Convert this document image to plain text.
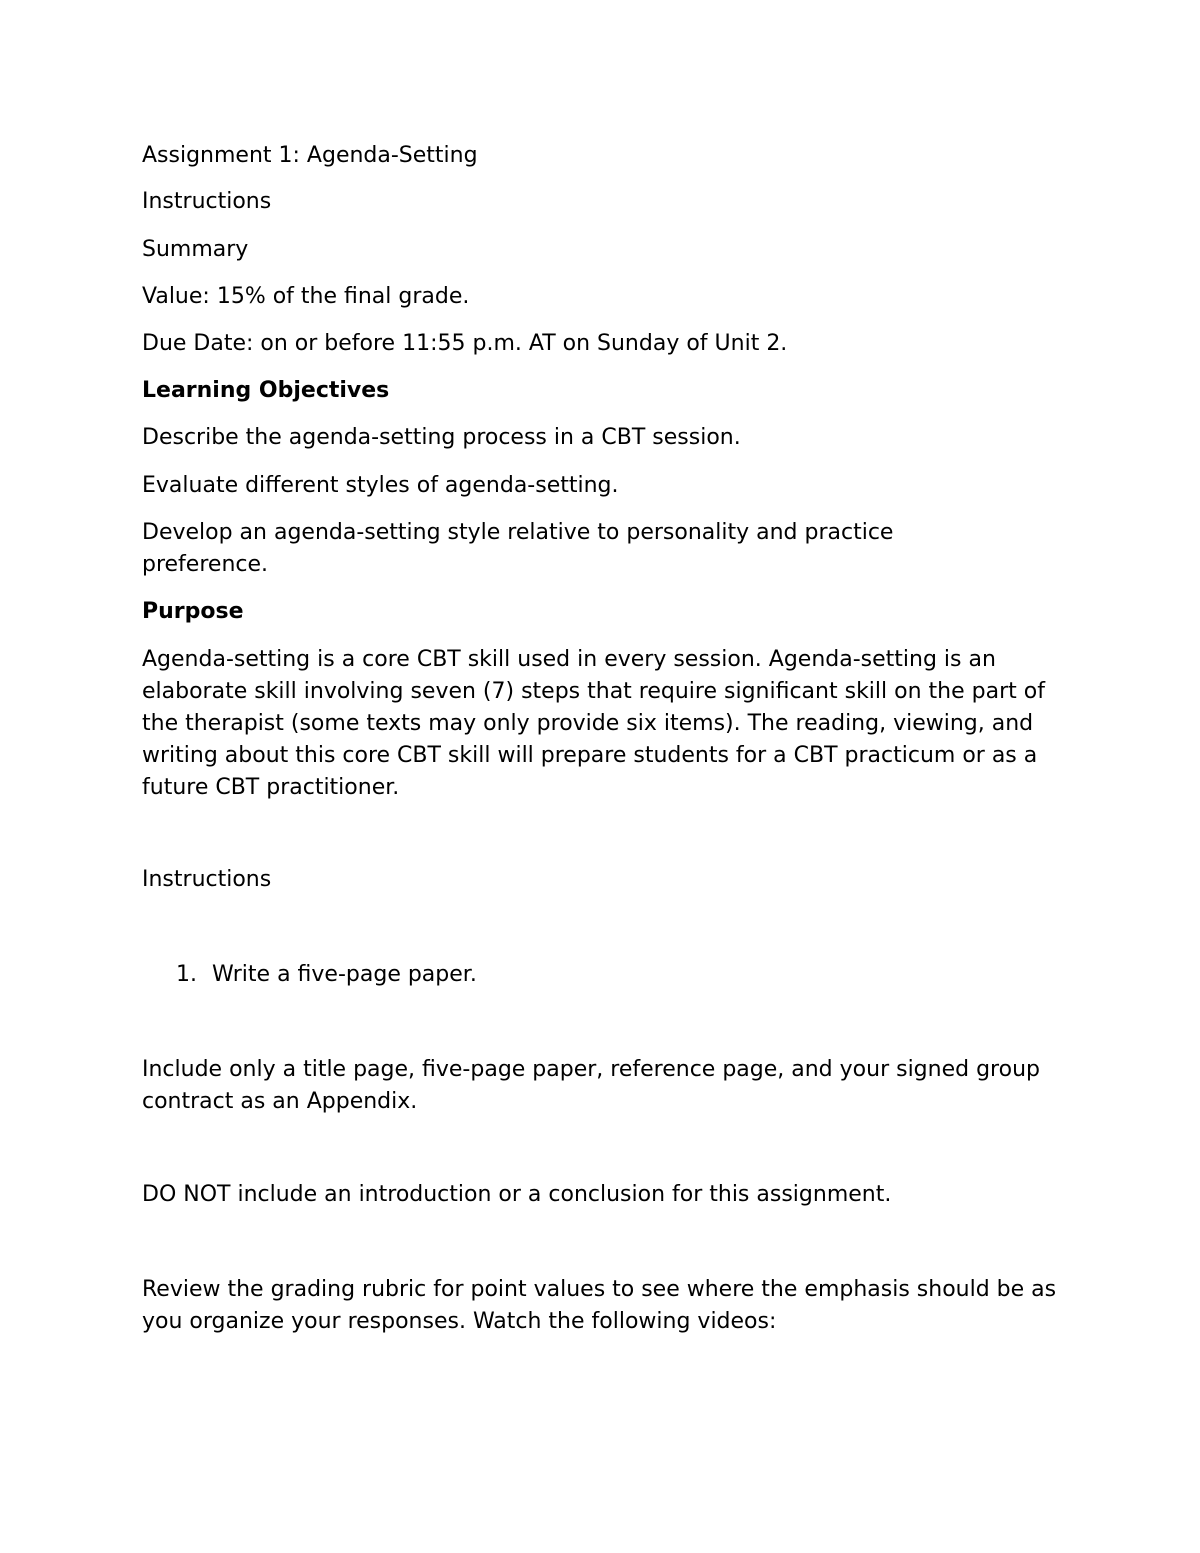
Assignment 1: Agenda-Setting

Instructions

Summary

Value: 15% of the final grade.

Due Date: on or before 11:55 p.m. AT on Sunday of Unit 2.

Learning Objectives

Describe the agenda-setting process in a CBT session.

Evaluate different styles of agenda-setting.

Develop an agenda-setting style relative to personality and practice preference.

Purpose

Agenda-setting is a core CBT skill used in every session. Agenda-setting is an elaborate skill involving seven (7) steps that require significant skill on the part of the therapist (some texts may only provide six items). The reading, viewing, and writing about this core CBT skill will prepare students for a CBT practicum or as a future CBT practitioner.

Instructions

1. Write a five-page paper.

Include only a title page, five-page paper, reference page, and your signed group contract as an Appendix.

DO NOT include an introduction or a conclusion for this assignment.

Review the grading rubric for point values to see where the emphasis should be as you organize your responses. Watch the following videos:
